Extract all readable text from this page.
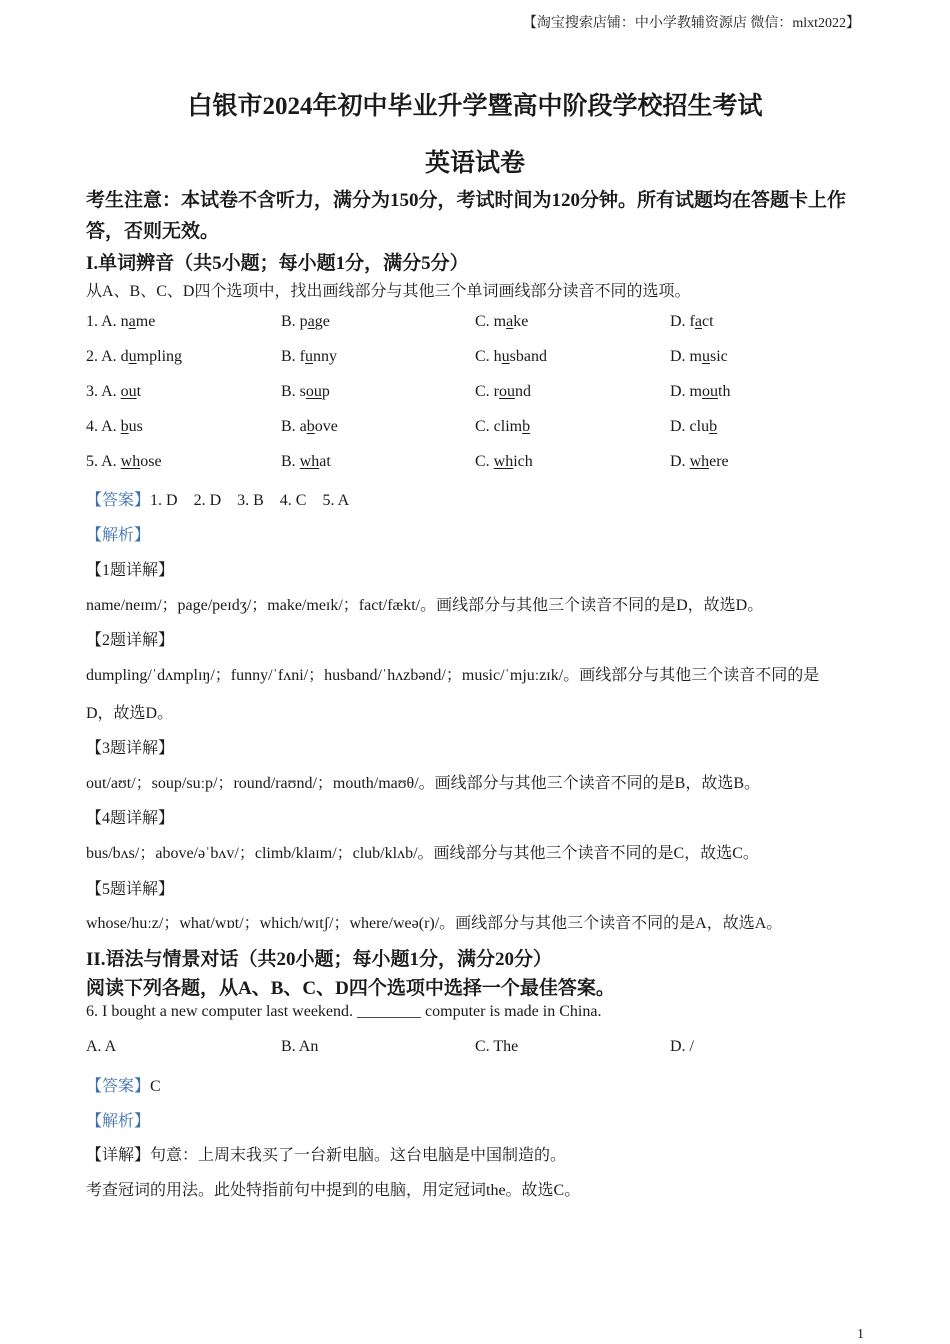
【淘宝搜索店铺：中小学教辅资源店 微信：mlxt2022】
白银市2024年初中毕业升学暨高中阶段学校招生考试
英语试卷
考生注意：本试卷不含听力，满分为150分，考试时间为120分钟。所有试题均在答题卡上作答，否则无效。
I.单词辨音（共5小题；每小题1分，满分5分）
从A、B、C、D四个选项中，找出画线部分与其他三个单词画线部分读音不同的选项。
1. A. name	B. page	C. make	D. fact
2. A. dumpling	B. funny	C. husband	D. music
3. A. out	B. soup	C. round	D. mouth
4. A. bus	B. above	C. climb	D. club
5. A. whose	B. what	C. which	D. where
【答案】1. D    2. D    3. B    4. C    5. A
【解析】
【1题详解】
name/neɪm/；page/peɪdʒ/；make/meɪk/；fact/fækt/。画线部分与其他三个读音不同的是D，故选D。
【2题详解】
dumpling/ˈdʌmplɪŋ/；funny/ˈfʌni/；husband/ˈhʌzbənd/；music/ˈmjuːzɪk/。画线部分与其他三个读音不同的是
D，故选D。
【3题详解】
out/aʊt/；soup/suːp/；round/raʊnd/；mouth/maʊθ/。画线部分与其他三个读音不同的是B，故选B。
【4题详解】
bus/bʌs/；above/əˈbʌv/；climb/klaɪm/；club/klʌb/。画线部分与其他三个读音不同的是C，故选C。
【5题详解】
whose/huːz/；what/wɒt/；which/wɪtʃ/；where/weə(r)/。画线部分与其他三个读音不同的是A，故选A。
II.语法与情景对话（共20小题；每小题1分，满分20分）
阅读下列各题，从A、B、C、D四个选项中选择一个最佳答案。
6. I bought a new computer last weekend. ________ computer is made in China.
A. A	B. An	C. The	D. /
【答案】C
【解析】
【详解】句意：上周末我买了一台新电脑。这台电脑是中国制造的。
考查冠词的用法。此处特指前句中提到的电脑，用定冠词the。故选C。
1
